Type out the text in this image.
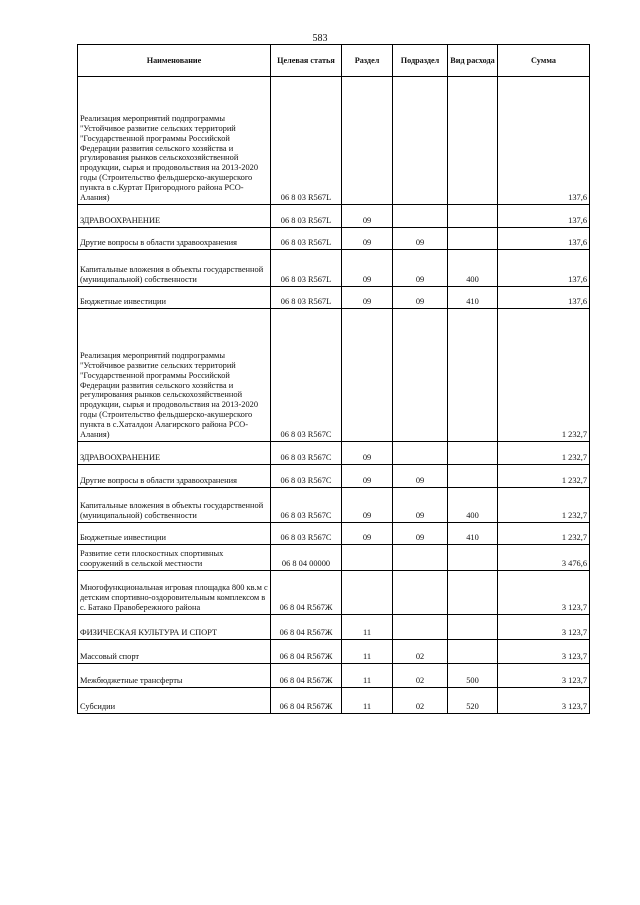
583
Наименование	Целевая статья	Раздел	Подраздел	Вид расхода	Сумма
Реализация мероприятий подпрограммы "Устойчивое развитие сельских территорий "Государственной программы Российской Федерации развития сельского хозяйства и ргулирования рынков сельскохозяйственной продукции, сырья и продовольствия на 2013-2020 годы (Строительство фельдшерско-акушерского пункта в с.Куртат Пригородного района РСО-Алания)	06 8 03 R567L				137,6
ЗДРАВООХРАНЕНИЕ	06 8 03 R567L	09			137,6
Другие вопросы в области здравоохранения	06 8 03 R567L	09	09		137,6
Капитальные вложения в объекты государственной (муниципальной) собственности	06 8 03 R567L	09	09	400	137,6
Бюджетные инвестиции	06 8 03 R567L	09	09	410	137,6
Реализация мероприятий подпрограммы "Устойчивое развитие сельских территорий "Государственной программы Российской Федерации развития сельского хозяйства и регулирования рынков сельскохозяйственной продукции, сырья и продовольствия на 2013-2020 годы (Строительство фельдшерско-акушерского пункта в с.Хаталдон Алагирского района РСО-Алания)	06 8 03 R567C				1 232,7
ЗДРАВООХРАНЕНИЕ	06 8 03 R567C	09			1 232,7
Другие вопросы в области здравоохранения	06 8 03 R567C	09	09		1 232,7
Капитальные вложения в объекты государственной (муниципальной) собственности	06 8 03 R567C	09	09	400	1 232,7
Бюджетные инвестиции	06 8 03 R567C	09	09	410	1 232,7
Развитие сети плоскостных спортивных сооружений в сельской местности	06 8 04 00000				3 476,6
Многофункциональная игровая площадка 800 кв.м с детским спортивно-оздоровительным комплексом в с. Батако Правобережного района	06 8 04 R567Ж				3 123,7
ФИЗИЧЕСКАЯ КУЛЬТУРА И СПОРТ	06 8 04 R567Ж	11			3 123,7
Массовый спорт	06 8 04 R567Ж	11	02		3 123,7
Межбюджетные трансферты	06 8 04 R567Ж	11	02	500	3 123,7
Субсидии	06 8 04 R567Ж	11	02	520	3 123,7
